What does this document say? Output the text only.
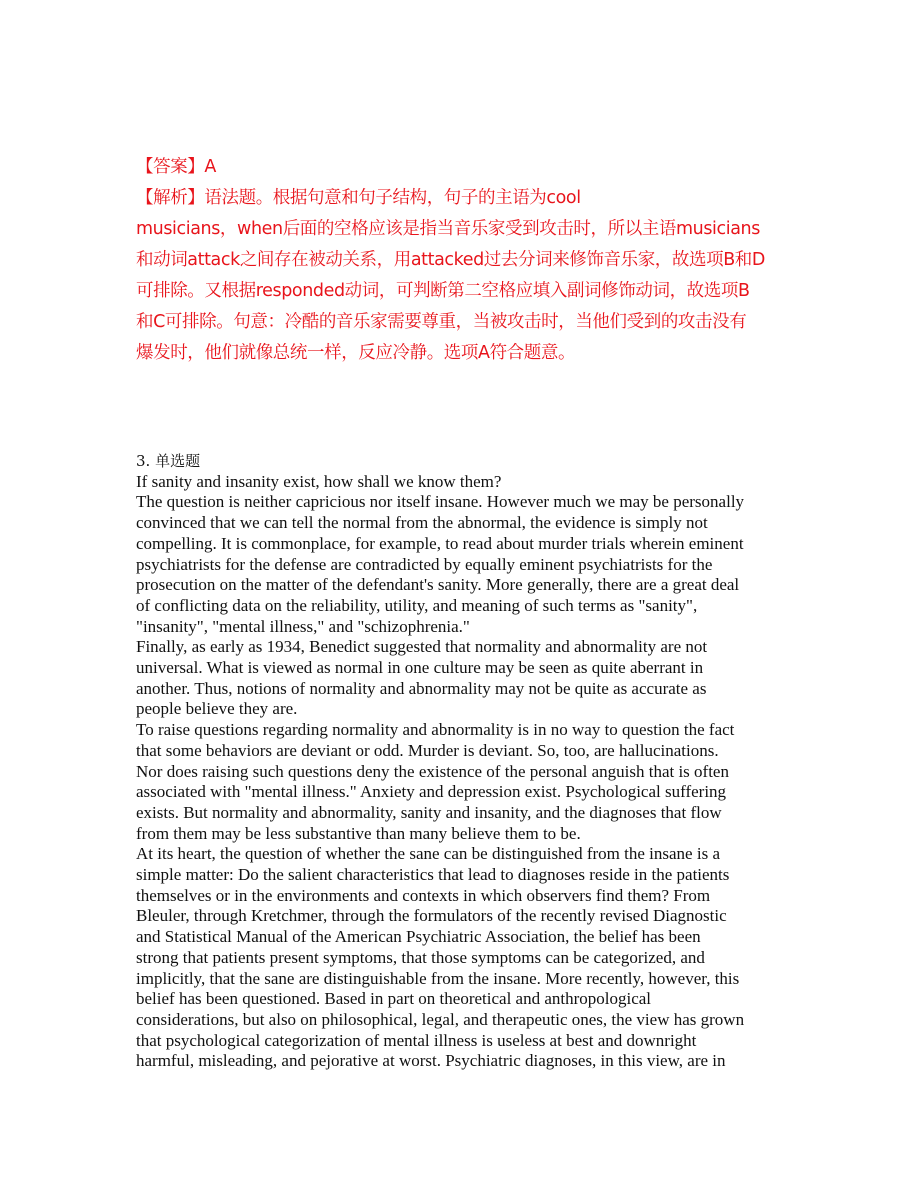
【答案】A

【解析】语法题。根据句意和句子结构，句子的主语为cool

musicians，when后面的空格应该是指当音乐家受到攻击时，所以主语musicians

和动词attack之间存在被动关系，用attacked过去分词来修饰音乐家，故选项B和D

可排除。又根据responded动词，可判断第二空格应填入副词修饰动词，故选项B

和C可排除。句意：冷酷的音乐家需要尊重，当被攻击时，当他们受到的攻击没有

爆发时，他们就像总统一样，反应冷静。选项A符合题意。

3. 单选题

If sanity and insanity exist, how shall we know them?

The question is neither capricious nor itself insane. However much we may be personally

convinced that we can tell the normal from the abnormal, the evidence is simply not

compelling. It is commonplace, for example, to read about murder trials wherein eminent

psychiatrists for the defense are contradicted by equally eminent psychiatrists for the

prosecution on the matter of the defendant's sanity. More generally, there are a great deal

of conflicting data on the reliability, utility, and meaning of such terms as "sanity",

"insanity", "mental illness," and "schizophrenia."

Finally, as early as 1934, Benedict suggested that normality and abnormality are not

universal. What is viewed as normal in one culture may be seen as quite aberrant in

another. Thus, notions of normality and abnormality may not be quite as accurate as

people believe they are.

To raise questions regarding normality and abnormality is in no way to question the fact

that some behaviors are deviant or odd. Murder is deviant. So, too, are hallucinations.

Nor does raising such questions deny the existence of the personal anguish that is often

associated with "mental illness." Anxiety and depression exist. Psychological suffering

exists. But normality and abnormality, sanity and insanity, and the diagnoses that flow

from them may be less substantive than many believe them to be.

At its heart, the question of whether the sane can be distinguished from the insane is a

simple matter: Do the salient characteristics that lead to diagnoses reside in the patients

themselves or in the environments and contexts in which observers find them? From

Bleuler, through Kretchmer, through the formulators of the recently revised Diagnostic

and Statistical Manual of the American Psychiatric Association, the belief has been

strong that patients present symptoms, that those symptoms can be categorized, and

implicitly, that the sane are distinguishable from the insane. More recently, however, this

belief has been questioned. Based in part on theoretical and anthropological

considerations, but also on philosophical, legal, and therapeutic ones, the view has grown

that psychological categorization of mental illness is useless at best and downright

harmful, misleading, and pejorative at worst. Psychiatric diagnoses, in this view, are in
